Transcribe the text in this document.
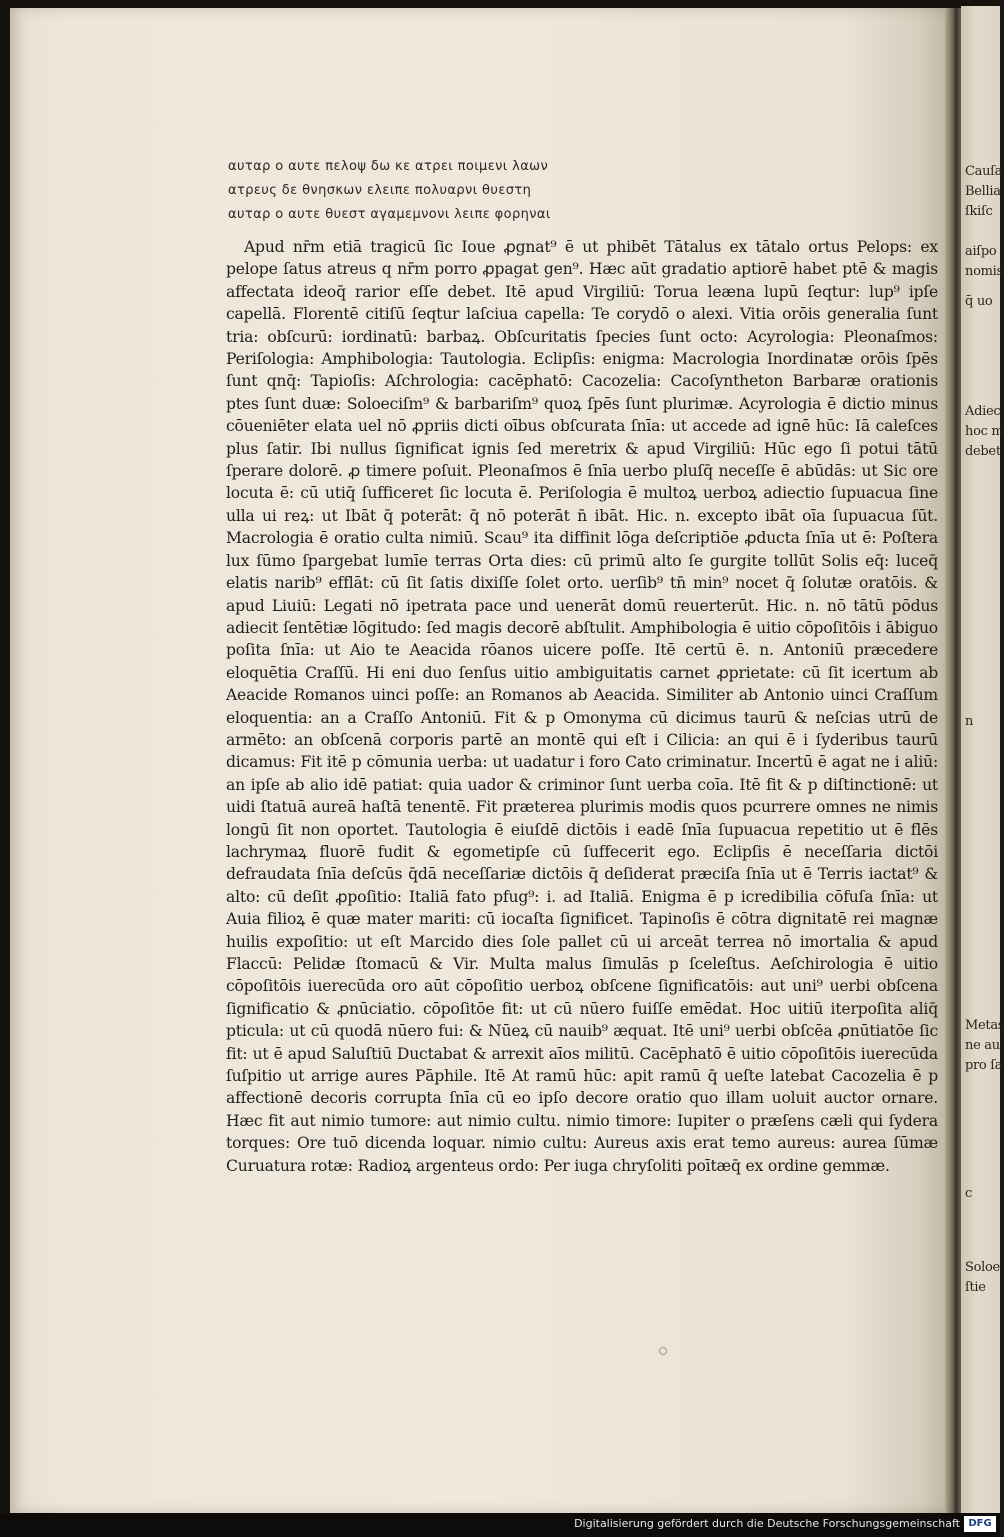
Cauſa
Bellia
ſkiſc
aiſpo
nomis
q̄ uo
Adiec
hoc m
debet
n
Metas
ne au
pro ſa
c
Soloe
ſtie
αυταρ ο αυτε πελοψ δω κε ατρει ποιμενι λαων
ατρευς δε θνησκων ελειπε πολυαρνι θυεστη
αυταρ ο αυτε θυεστ αγαμεμνονι λειπε φορηναι

Apud nr̄m etiā tragicū ſic Ioue ꝓgnat⁹ ē ut phibēt Tātalus ex tātalo ortus Pelops: ex pelope ſatus atreus q nr̄m porro ꝓpagat gen⁹. Hæc aūt gradatio aptiorē habet ptē & magis affectata ideoq̄ rarior eſſe debet. Itē apud Virgiliū: Torua leæna lupū ſeqtur: lup⁹ ipſe capellā. Florentē citiſū ſeqtur laſciua capella: Te corydō o alexi. Vitia orōis generalia ſunt tria: obſcurū: iordinatū: barbaꝝ. Obſcuritatis ſpecies ſunt octo: Acyrologia: Pleonaſmos: Periſologia: Amphibologia: Tautologia. Eclipſis: enigma: Macrologia Inordinatæ orōis ſpēs ſunt qnq̄: Tapioſis: Aſchrologia: cacēphatō: Cacozelia: Cacoſyntheton Barbaræ orationis ptes ſunt duæ: Soloeciſm⁹ & barbariſm⁹ quoꝝ ſpēs ſunt plurimæ. Acyrologia ē dictio minus cōueniēter elata uel nō ꝓpriis dicti oībus obſcurata ſnīa: ut accede ad ignē hūc: Iā caleſces plus ſatir. Ibi nullus ſignificat ignis ſed meretrix & apud Virgiliū: Hūc ego ſi potui tātū ſperare dolorē. ꝓ timere poſuit. Pleonaſmos ē ſnīa uerbo pluſq̄ neceſſe ē abūdās: ut Sic ore locuta ē: cū utiq̄ ſufficeret ſic locuta ē. Periſologia ē multoꝝ uerboꝝ adiectio ſupuacua ſine ulla ui reꝝ: ut Ibāt q̄ poterāt: q̄ nō poterāt n̄ ibāt. Hic. n. excepto ibāt oīa ſupuacua ſūt. Macrologia ē oratio culta nimiū. Scau⁹ ita diffinit lōga deſcriptiōe ꝓducta ſnīa ut ē: Poſtera lux ſūmo ſpargebat lumīe terras Orta dies: cū primū alto ſe gurgite tollūt Solis eq̄: luceq̄ elatis narib⁹ efflāt: cū ſit ſatis dixiſſe ſolet orto. uerſib⁹ tn̄ min⁹ nocet q̄ ſolutæ oratōis. & apud Liuiū: Legati nō ipetrata pace und uenerāt domū reuerterūt. Hic. n. nō tātū pōdus adiecit ſentētiæ lōgitudo: ſed magis decorē abſtulit. Amphibologia ē uitio cōpoſitōis i ābiguo poſita ſnīa: ut Aio te Aeacida rōanos uicere poſſe. Itē certū ē. n. Antoniū præcedere eloquētia Craſſū. Hi eni duo ſenſus uitio ambiguitatis carnet ꝓprietate: cū ſit icertum ab Aeacide Romanos uinci poſſe: an Romanos ab Aeacida. Similiter ab Antonio uinci Craſſum eloquentia: an a Craſſo Antoniū. Fit & p Omonyma cū dicimus taurū & neſcias utrū de armēto: an obſcenā corporis partē an montē qui eſt i Cilicia: an qui ē i ſyderibus taurū dicamus: Fit itē p cōmunia uerba: ut uadatur i foro Cato criminatur. Incertū ē agat ne i aliū: an ipſe ab alio idē patiat: quia uador & criminor ſunt uerba coīa. Itē fit & p diſtinctionē: ut uidi ſtatuā aureā haſtā tenentē. Fit præterea plurimis modis quos pcurrere omnes ne nimis longū ſit non oportet. Tautologia ē eiuſdē dictōis i eadē ſnīa ſupuacua repetitio ut ē flēs lachrymaꝝ fluorē fudit & egometipſe cū ſuffecerit ego. Eclipſis ē neceſſaria dictōi defraudata ſnīa deſcūs q̄dā neceſſariæ dictōis q̄ deſiderat præciſa ſnīa ut ē Terris iactat⁹ & alto: cū deſit ꝓpoſitio: Italiā fato pfug⁹: i. ad Italiā. Enigma ē p icredibilia cōfuſa ſnīa: ut Auia filioꝝ ē quæ mater mariti: cū iocaſta ſignificet. Tapinoſis ē cōtra dignitatē rei magnæ huilis expoſitio: ut eſt Marcido dies ſole pallet cū ui arceāt terrea nō imortalia & apud Flaccū: Pelidæ ſtomacū & Vir. Multa malus ſimulās p ſceleſtus. Aeſchirologia ē uitio cōpoſitōis iuerecūda oro aūt cōpoſitio uerboꝝ obſcene ſignificatōis: aut uni⁹ uerbi obſcena ſignificatio & ꝓnūciatio. cōpoſitōe fit: ut cū nūero fuiſſe emēdat. Hoc uitiū iterpoſita aliq̄ pticula: ut cū quodā nūero fui: & Nūeꝝ cū nauib⁹ æquat. Itē uni⁹ uerbi obſcēa ꝓnūtiatōe ſic fit: ut ē apud Saluſtiū Ductabat & arrexit aīos militū. Cacēphatō ē uitio cōpoſitōis iuerecūda ſuſpitio ut arrige aures Pāphile. Itē At ramū hūc: apit ramū q̄ ueſte latebat Cacozelia ē p affectionē decoris corrupta ſnīa cū eo ipſo decore oratio quo illam uoluit auctor ornare. Hæc fit aut nimio tumore: aut nimio cultu. nimio timore: Iupiter o præſens cæli qui ſydera torques: Ore tuō dicenda loquar. nimio cultu: Aureus axis erat temo aureus: aurea ſūmæ Curuatura rotæ: Radioꝝ argenteus ordo: Per iuga chryſoliti poītæq̄ ex ordine gemmæ.

Digitalisierung gefördert durch die Deutsche Forschungsgemeinschaft DFG
